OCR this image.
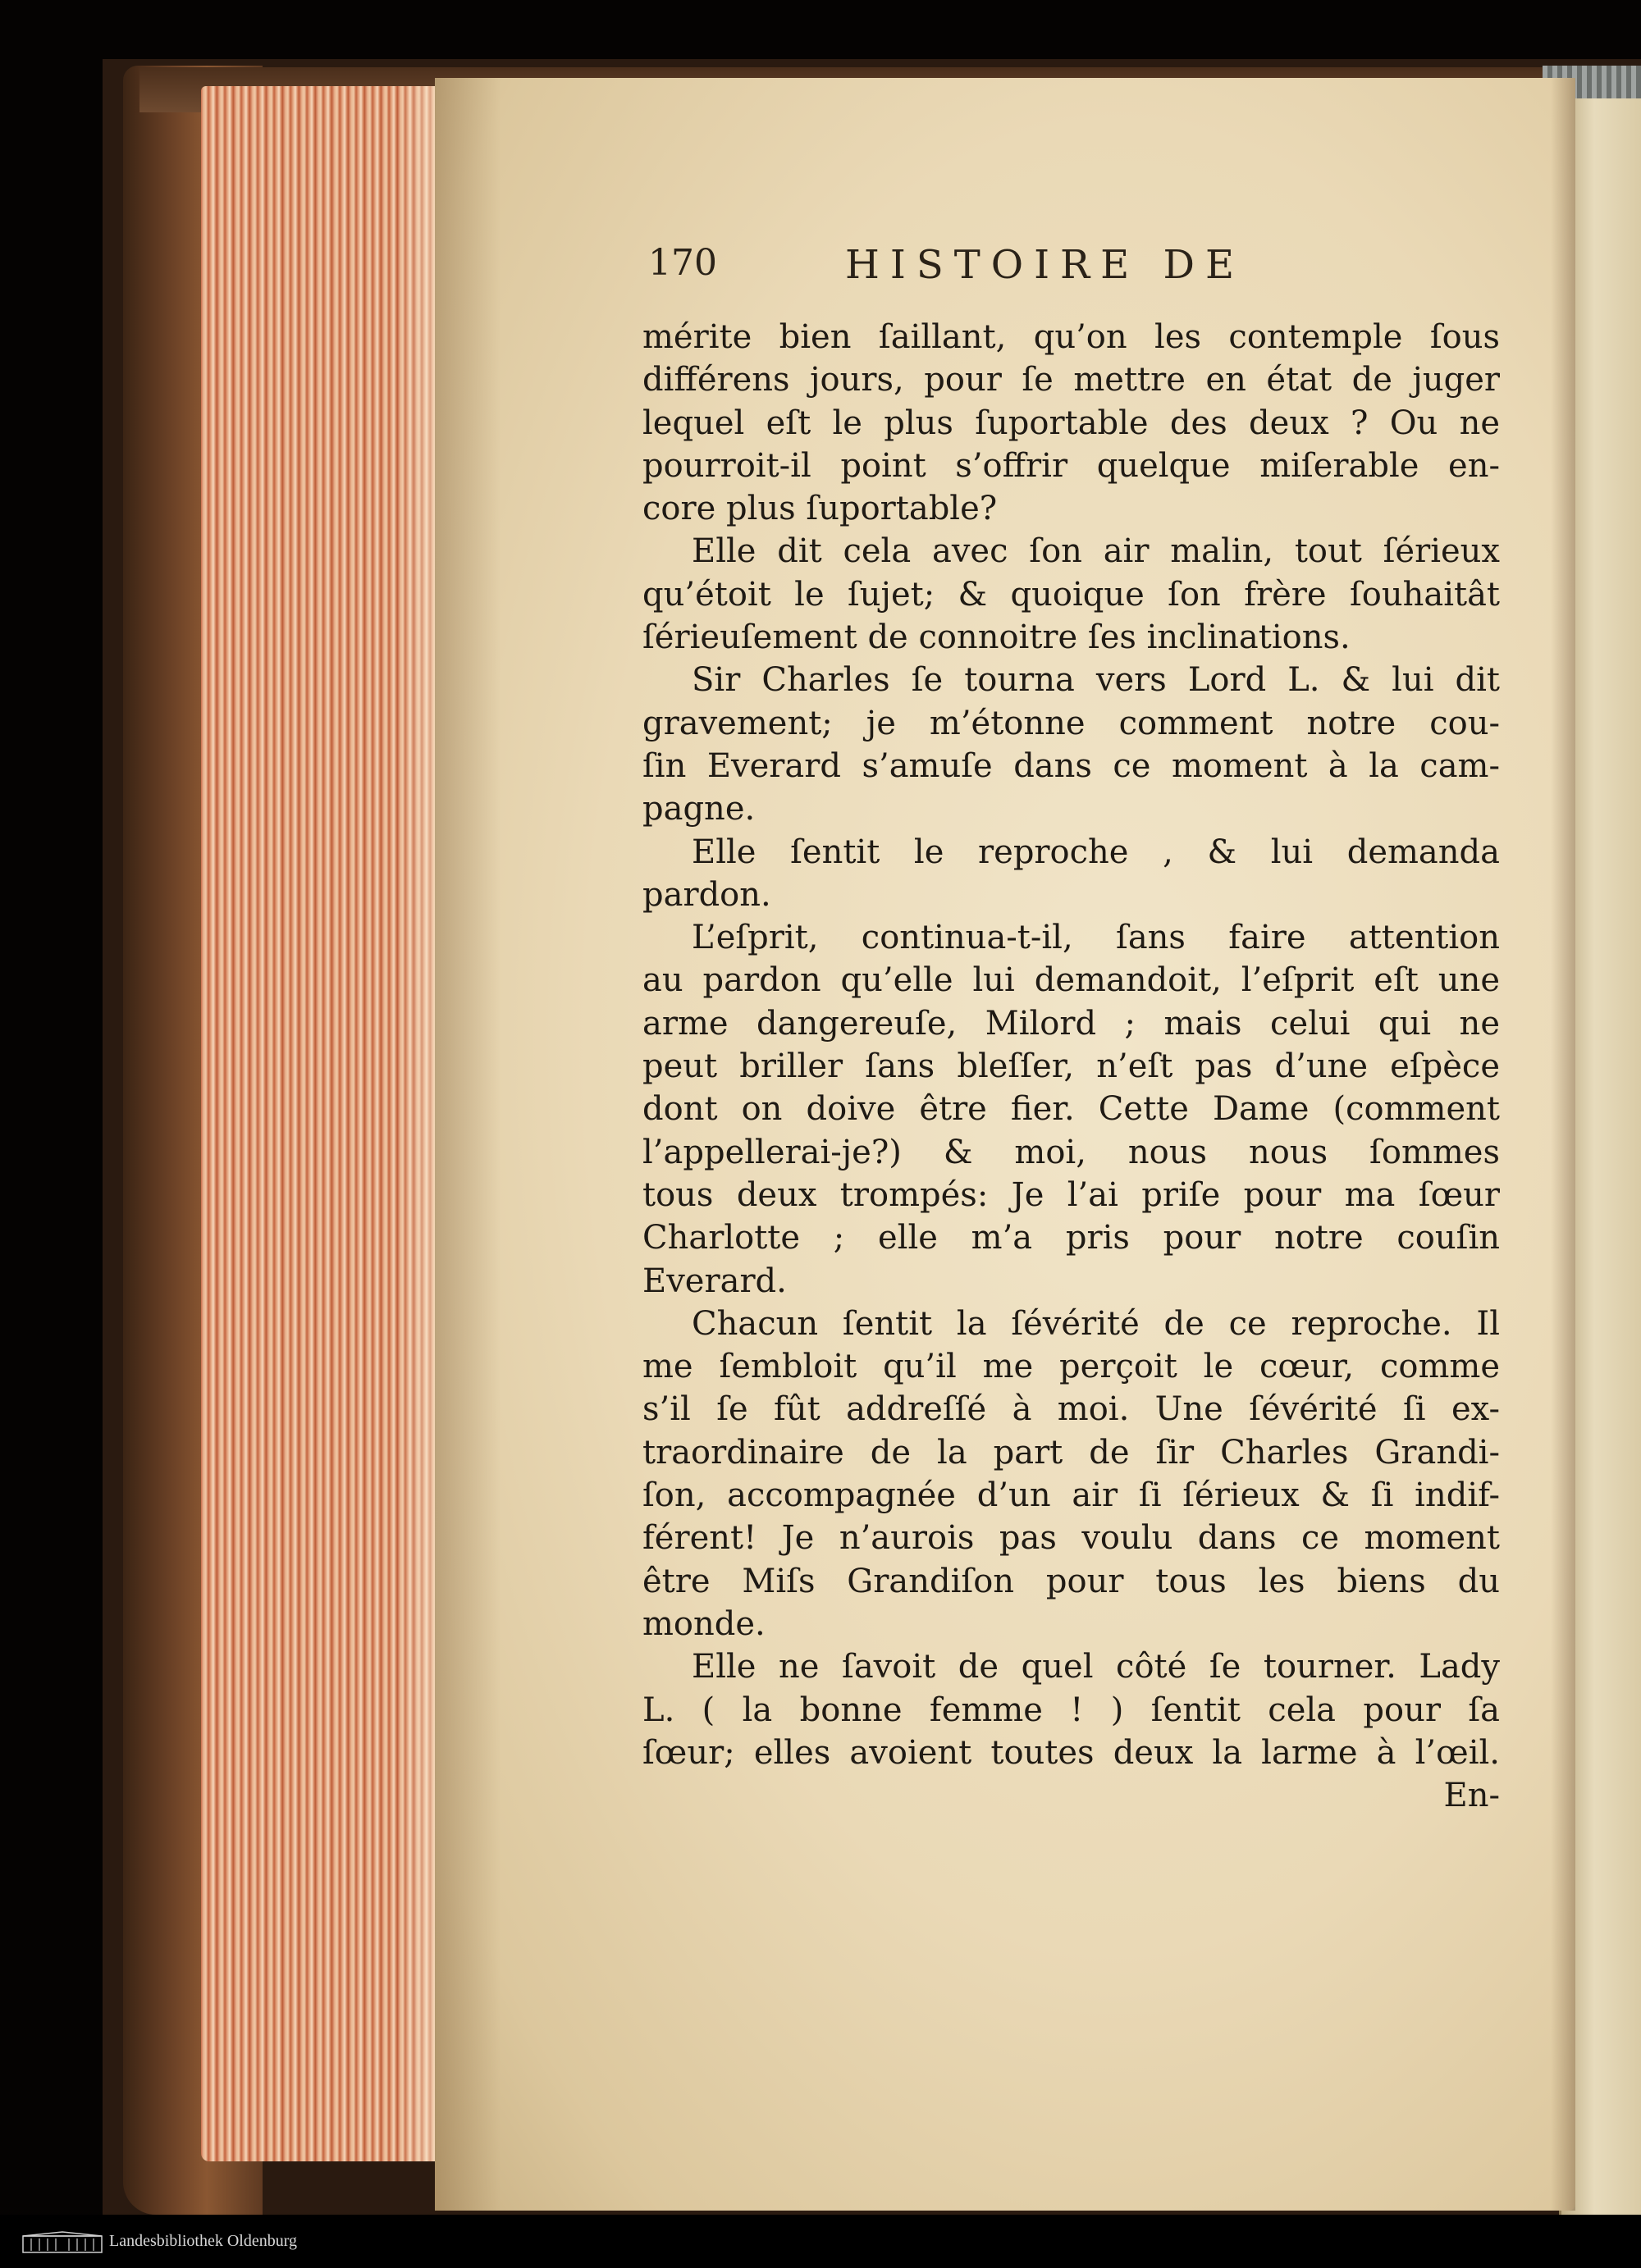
170	HISTOIRE DE
mérite bien ſaillant, qu’on les contemple ſous
différens jours, pour ſe mettre en état de juger
lequel eſt le plus ſuportable des deux ? Ou ne
pourroit-il point s’offrir quelque miſerable en-
core plus ſuportable?
Elle dit cela avec ſon air malin, tout ſérieux
qu’étoit le ſujet; & quoique ſon frère ſouhaitât
ſérieuſement de connoitre ſes inclinations.
Sir Charles ſe tourna vers Lord L. & lui dit
gravement; je m’étonne comment notre cou-
ſin Everard s’amuſe dans ce moment à la cam-
pagne.
Elle ſentit le reproche , & lui demanda
pardon.
L’eſprit, continua-t-il, ſans faire attention
au pardon qu’elle lui demandoit, l’eſprit eſt une
arme dangereuſe, Milord ; mais celui qui ne
peut briller ſans bleſſer, n’eſt pas d’une eſpèce
dont on doive être fier. Cette Dame (comment
l’appellerai-je?) & moi, nous nous ſommes
tous deux trompés: Je l’ai priſe pour ma ſœur
Charlotte ; elle m’a pris pour notre couſin
Everard.
Chacun ſentit la ſévérité de ce reproche. Il
me ſembloit qu’il me perçoit le cœur, comme
s’il ſe fût addreſſé à moi. Une ſévérité ſi ex-
traordinaire de la part de ſir Charles Grandi-
ſon, accompagnée d’un air ſi ſérieux & ſi indif-
férent! Je n’aurois pas voulu dans ce moment
être Miſs Grandiſon pour tous les biens du
monde.
Elle ne ſavoit de quel côté ſe tourner. Lady
L. ( la bonne femme ! ) ſentit cela pour ſa
ſœur; elles avoient toutes deux la larme à l’œil.
En-
Landesbibliothek Oldenburg
